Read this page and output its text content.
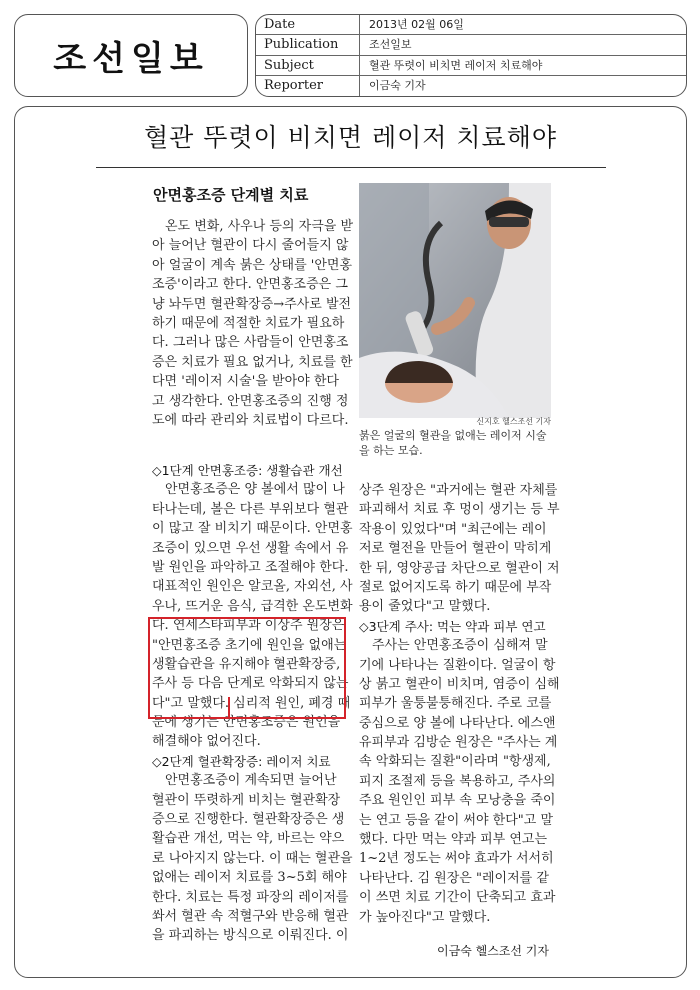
조선일보
Date	2013년 02월 06일
Publication	조선일보
Subject	혈관 뚜렷이 비치면 레이저 치료해야
Reporter	이금숙 기자
혈관 뚜렷이 비치면 레이저 치료해야
안면홍조증 단계별 치료
온도 변화, 사우나 등의 자극을 받
아 늘어난 혈관이 다시 줄어들지 않
아 얼굴이 계속 붉은 상태를 '안면홍
조증'이라고 한다. 안면홍조증은 그
냥 놔두면 혈관확장증→주사로 발전
하기 때문에 적절한 치료가 필요하
다. 그러나 많은 사람들이 안면홍조
증은 치료가 필요 없거나, 치료를 한
다면 '레이저 시술'을 받아야 한다
고 생각한다. 안면홍조증의 진행 정
도에 따라 관리와 치료법이 다르다.
◇1단계 안면홍조증: 생활습관 개선
안면홍조증은 양 볼에서 많이 나
타나는데, 볼은 다른 부위보다 혈관
이 많고 잘 비치기 때문이다. 안면홍
조증이 있으면 우선 생활 속에서 유
발 원인을 파악하고 조절해야 한다.
대표적인 원인은 알코올, 자외선, 사
우나, 뜨거운 음식, 급격한 온도변화
다. 연세스타피부과 이상주 원장은
"안면홍조증 초기에 원인을 없애는
생활습관을 유지해야 혈관확장증,
주사 등 다음 단계로 악화되지 않는
다"고 말했다. 심리적 원인, 폐경 때
문에 생기는 안면홍조증은 원인을
해결해야 없어진다.
◇2단계 혈관확장증: 레이저 치료
안면홍조증이 계속되면 늘어난
혈관이 뚜렷하게 비치는 혈관확장
증으로 진행한다. 혈관확장증은 생
활습관 개선, 먹는 약, 바르는 약으
로 나아지지 않는다. 이 때는 혈관을
없애는 레이저 치료를 3~5회 해야
한다. 치료는 특정 파장의 레이저를
쏴서 혈관 속 적혈구와 반응해 혈관
을 파괴하는 방식으로 이뤄진다. 이
신지호 헬스조선 기자
붉은 얼굴의 혈관을 없애는 레이저 시술
을 하는 모습.
상주 원장은 "과거에는 혈관 자체를
파괴해서 치료 후 멍이 생기는 등 부
작용이 있었다"며 "최근에는 레이
저로 혈전을 만들어 혈관이 막히게
한 뒤, 영양공급 차단으로 혈관이 저
절로 없어지도록 하기 때문에 부작
용이 줄었다"고 말했다.
◇3단계 주사: 먹는 약과 피부 연고
주사는 안면홍조증이 심해져 말
기에 나타나는 질환이다. 얼굴이 항
상 붉고 혈관이 비치며, 염증이 심해
피부가 울퉁불퉁해진다. 주로 코를
중심으로 양 볼에 나타난다. 에스앤
유피부과 김방순 원장은 "주사는 계
속 악화되는 질환"이라며 "항생제,
피지 조절제 등을 복용하고, 주사의
주요 원인인 피부 속 모낭충을 죽이
는 연고 등을 같이 써야 한다"고 말
했다. 다만 먹는 약과 피부 연고는
1~2년 정도는 써야 효과가 서서히
나타난다. 김 원장은 "레이저를 같
이 쓰면 치료 기간이 단축되고 효과
가 높아진다"고 말했다.
이금숙 헬스조선 기자
